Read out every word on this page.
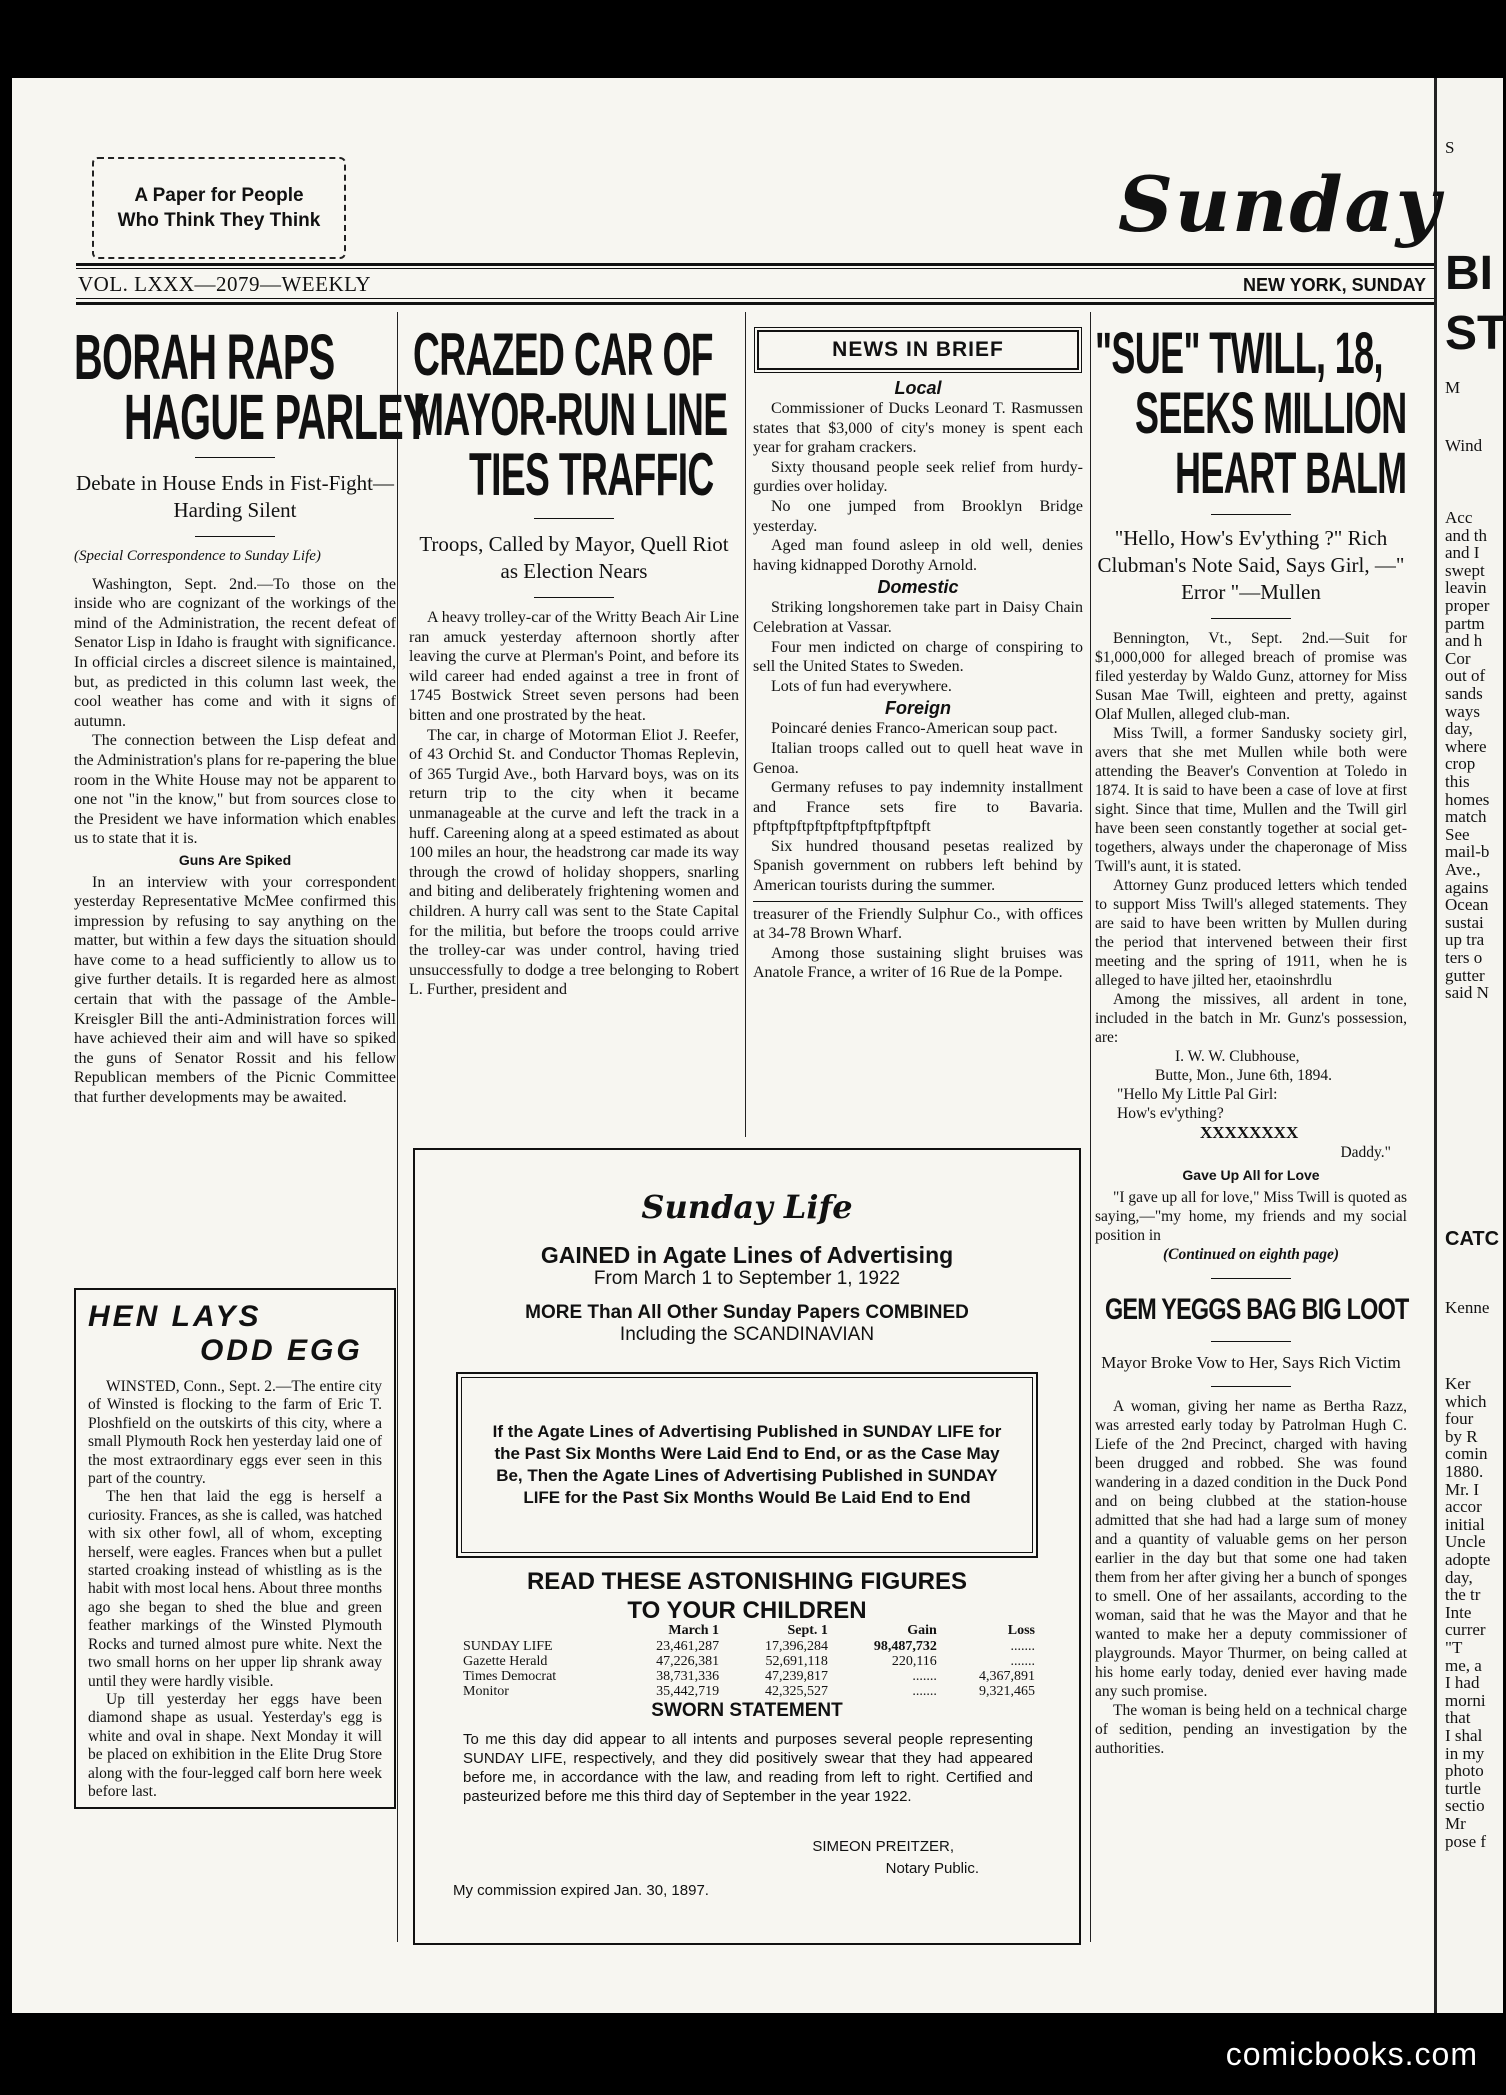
S
BI
ST
M
Wind
Acc
and th
and I
swept
leavin
proper
partm
and h
Cor
out of
sands
ways
day,
where
crop
this
homes
match
See
mail-b
Ave.,
agains
Ocean
sustai
up tra
ters o
gutter
said N
CATC
Kenne
Ker
which
four
by R
comin
1880.
Mr. I
accor
initial
Uncle
adopte
day,
the tr
Inte
currer
"T
me, a
I had
morni
that
I shal
in my
photo
turtle
sectio
Mr
pose f
A Paper for People
Who Think They Think	Sunday
VOL. LXXX—2079—WEEKLY	NEW YORK, SUNDAY

BORAH RAPS

HAGUE PARLEY

Debate in House Ends in Fist-Fight—Harding Silent

(Special Correspondence to Sunday Life)

Washington, Sept. 2nd.—To those on the inside who are cognizant of the workings of the mind of the Administration, the recent defeat of Senator Lisp in Idaho is fraught with significance. In official circles a discreet silence is maintained, but, as predicted in this column last week, the cool weather has come and with it signs of autumn.

The connection between the Lisp defeat and the Administration's plans for re-papering the blue room in the White House may not be apparent to one not "in the know," but from sources close to the President we have information which enables us to state that it is.

Guns Are Spiked

In an interview with your correspondent yesterday Representative McMee confirmed this impression by refusing to say anything on the matter, but within a few days the situation should have come to a head sufficiently to allow us to give further details. It is regarded here as almost certain that with the passage of the Amble-Kreisgler Bill the anti-Administration forces will have achieved their aim and will have so spiked the guns of Senator Rossit and his fellow Republican members of the Picnic Committee that further developments may be awaited.

HEN LAYS

ODD EGG

WINSTED, Conn., Sept. 2.—The entire city of Winsted is flocking to the farm of Eric T. Ploshfield on the outskirts of this city, where a small Plymouth Rock hen yesterday laid one of the most extraordinary eggs ever seen in this part of the country.

The hen that laid the egg is herself a curiosity. Frances, as she is called, was hatched with six other fowl, all of whom, excepting herself, were eagles. Frances when but a pullet started croaking instead of whistling as is the habit with most local hens. About three months ago she began to shed the blue and green feather markings of the Winsted Plymouth Rocks and turned almost pure white. Next the two small horns on her upper lip shrank away until they were hardly visible.

Up till yesterday her eggs have been diamond shape as usual. Yesterday's egg is white and oval in shape. Next Monday it will be placed on exhibition in the Elite Drug Store along with the four-legged calf born here week before last.

CRAZED CAR OF

MAYOR-RUN LINE

TIES TRAFFIC

Troops, Called by Mayor, Quell Riot as Election Nears

A heavy trolley-car of the Writty Beach Air Line ran amuck yesterday afternoon shortly after leaving the curve at Plerman's Point, and before its wild career had ended against a tree in front of 1745 Bostwick Street seven persons had been bitten and one prostrated by the heat.

The car, in charge of Motorman Eliot J. Reefer, of 43 Orchid St. and Conductor Thomas Replevin, of 365 Turgid Ave., both Harvard boys, was on its return trip to the city when it became unmanageable at the curve and left the track in a huff. Careening along at a speed estimated as about 100 miles an hour, the headstrong car made its way through the crowd of holiday shoppers, snarling and biting and deliberately frightening women and children. A hurry call was sent to the State Capital for the militia, but before the troops could arrive the trolley-car was under control, having tried unsuccessfully to dodge a tree belonging to Robert L. Further, president and

NEWS IN BRIEF

Local

Commissioner of Ducks Leonard T. Rasmussen states that $3,000 of city's money is spent each year for graham crackers.

Sixty thousand people seek relief from hurdy-gurdies over holiday.

No one jumped from Brooklyn Bridge yesterday.

Aged man found asleep in old well, denies having kidnapped Dorothy Arnold.

Domestic

Striking longshoremen take part in Daisy Chain Celebration at Vassar.

Four men indicted on charge of conspiring to sell the United States to Sweden.

Lots of fun had everywhere.

Foreign

Poincaré denies Franco-American soup pact.

Italian troops called out to quell heat wave in Genoa.

Germany refuses to pay indemnity installment and France sets fire to Bavaria. pftpftpftpftpftpftpftpftpftpft

Six hundred thousand pesetas realized by Spanish government on rubbers left behind by American tourists during the summer.

treasurer of the Friendly Sulphur Co., with offices at 34-78 Brown Wharf.

Among those sustaining slight bruises was Anatole France, a writer of 16 Rue de la Pompe.

Sunday Life
GAINED in Agate Lines of Advertising
From March 1 to September 1, 1922
MORE Than All Other Sunday Papers COMBINED
Including the SCANDINAVIAN

If the Agate Lines of Advertising Published in SUNDAY LIFE for the Past Six Months Were Laid End to End, or as the Case May Be, Then the Agate Lines of Advertising Published in SUNDAY LIFE for the Past Six Months Would Be Laid End to End

READ THESE ASTONISHING FIGURES
TO YOUR CHILDREN
	March 1	Sept. 1	Gain	Loss
SUNDAY LIFE	23,461,287	17,396,284	98,487,732	.......
Gazette Herald	47,226,381	52,691,118	220,116	.......
Times Democrat	38,731,336	47,239,817	.......	4,367,891
Monitor	35,442,719	42,325,527	.......	9,321,465
SWORN STATEMENT

To me this day did appear to all intents and purposes several people representing SUNDAY LIFE, respectively, and they did positively swear that they had appeared before me, in accordance with the law, and reading from left to right. Certified and pasteurized before me this third day of September in the year 1922.

SIMEON PREITZER,
Notary Public.
My commission expired Jan. 30, 1897.

"SUE" TWILL, 18,

SEEKS MILLION

HEART BALM

"Hello, How's Ev'ything ?" Rich Clubman's Note Said, Says Girl, —" Error "—Mullen

Bennington, Vt., Sept. 2nd.—Suit for $1,000,000 for alleged breach of promise was filed yesterday by Waldo Gunz, attorney for Miss Susan Mae Twill, eighteen and pretty, against Olaf Mullen, alleged club-man.

Miss Twill, a former Sandusky society girl, avers that she met Mullen while both were attending the Beaver's Convention at Toledo in 1874. It is said to have been a case of love at first sight. Since that time, Mullen and the Twill girl have been seen constantly together at social get-togethers, always under the chaperonage of Miss Twill's aunt, it is stated.

Attorney Gunz produced letters which tended to support Miss Twill's alleged statements. They are said to have been written by Mullen during the period that intervened between their first meeting and the spring of 1911, when he is alleged to have jilted her, etaoinshrdlu

Among the missives, all ardent in tone, included in the batch in Mr. Gunz's possession, are:

I. W. W. Clubhouse,

Butte, Mon., June 6th, 1894.

"Hello My Little Pal Girl:

How's ev'ything?

XXXXXXXX

Daddy."

Gave Up All for Love

"I gave up all for love," Miss Twill is quoted as saying,—"my home, my friends and my social position in

(Continued on eighth page)

GEM YEGGS BAG BIG LOOT

Mayor Broke Vow to Her, Says Rich Victim

A woman, giving her name as Bertha Razz, was arrested early today by Patrolman Hugh C. Liefe of the 2nd Precinct, charged with having been drugged and robbed. She was found wandering in a dazed condition in the Duck Pond and on being clubbed at the station-house admitted that she had had a large sum of money and a quantity of valuable gems on her person earlier in the day but that some one had taken them from her after giving her a bunch of sponges to smell. One of her assailants, according to the woman, said that he was the Mayor and that he wanted to make her a deputy commissioner of playgrounds. Mayor Thurmer, on being called at his home early today, denied ever having made any such promise.

The woman is being held on a technical charge of sedition, pending an investigation by the authorities.

comicbooks.com
